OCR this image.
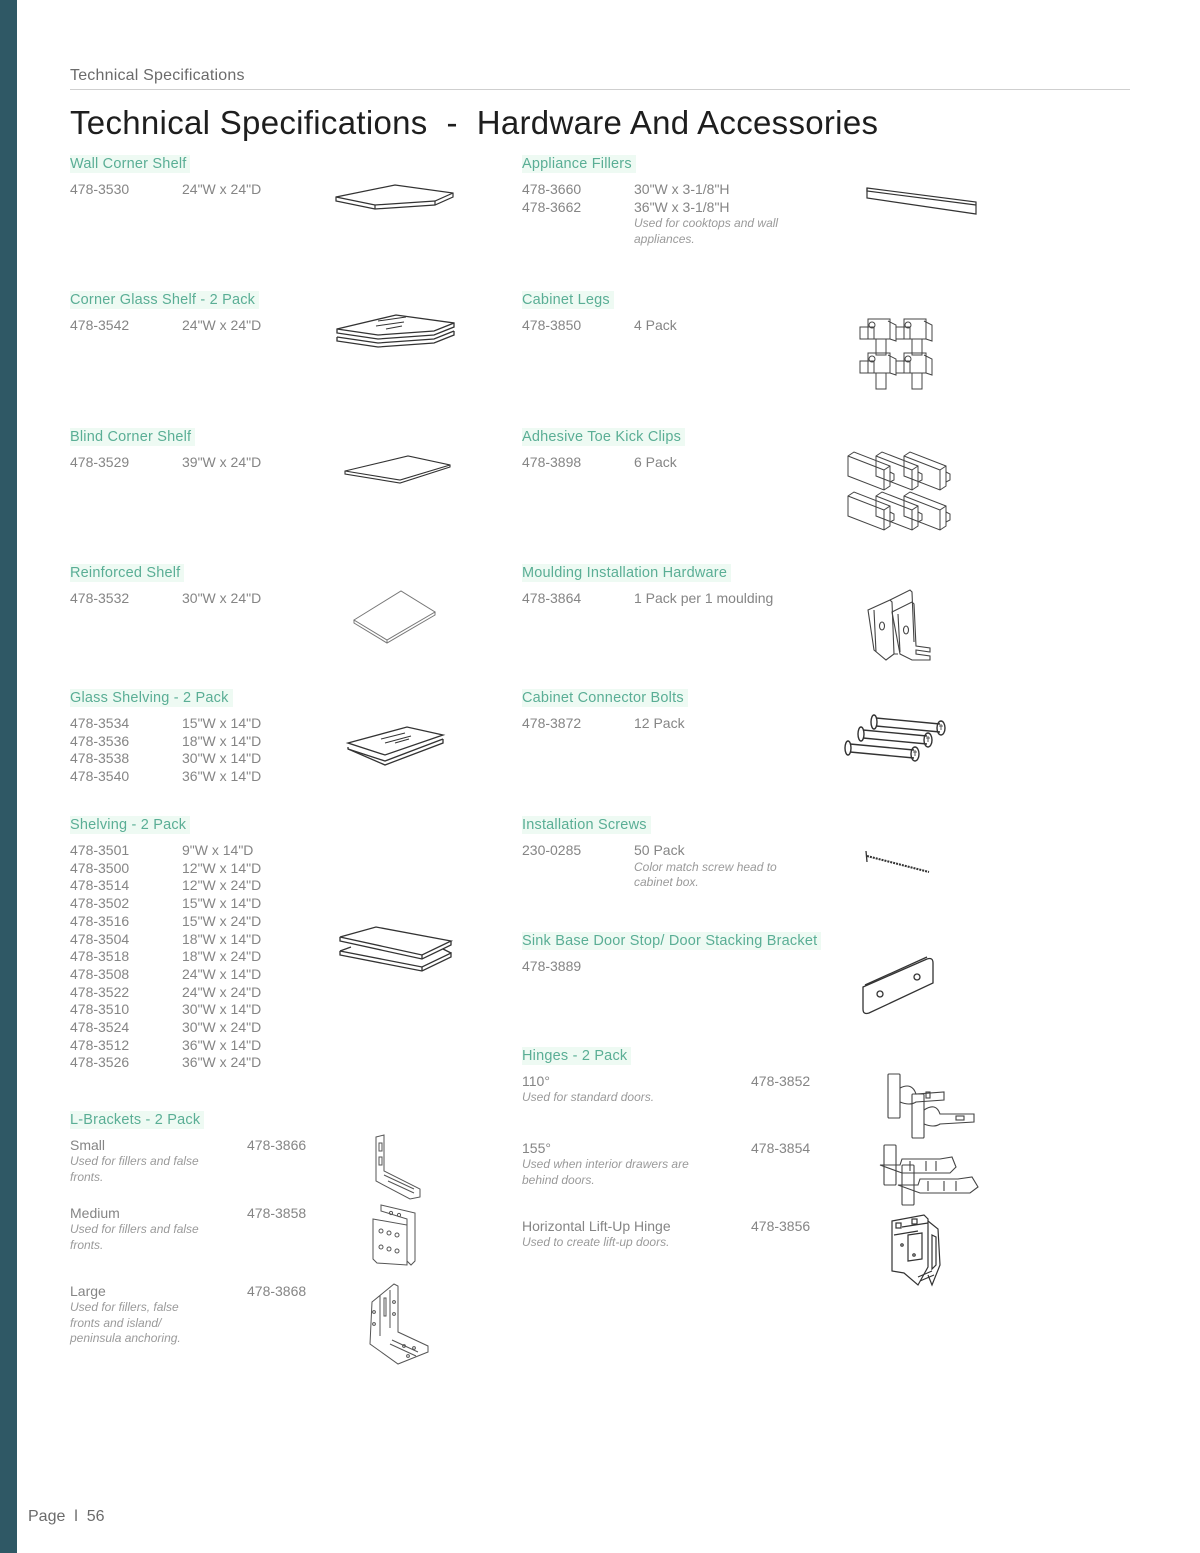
Technical Specifications
Technical Specifications  -  Hardware And Accessories
Wall Corner Shelf
478-3530	24"W x 24"D
Corner Glass Shelf - 2 Pack
478-3542	24"W x 24"D
Blind Corner Shelf
478-3529	39"W x 24"D
Reinforced Shelf
478-3532	30"W x 24"D
Glass Shelving - 2 Pack
478-3534	15"W x 14"D
478-3536	18"W x 14"D
478-3538	30"W x 14"D
478-3540	36"W x 14"D
Shelving - 2 Pack
478-3501	9"W x 14"D
478-3500	12"W x 14"D
478-3514	12"W x 24"D
478-3502	15"W x 14"D
478-3516	15"W x 24"D
478-3504	18"W x 14"D
478-3518	18"W x 24"D
478-3508	24"W x 14"D
478-3522	24"W x 24"D
478-3510	30"W x 14"D
478-3524	30"W x 24"D
478-3512	36"W x 14"D
478-3526	36"W x 24"D
L-Brackets - 2 Pack
Small
Used for fillers and false fronts.
478-3866
Medium
Used for fillers and false fronts.
478-3858
Large
Used for fillers, false fronts and island/ peninsula anchoring.
478-3868
Appliance Fillers
478-3660	30"W x 3-1/8"H
478-3662	36"W x 3-1/8"H
Used for cooktops and wall appliances.
Cabinet Legs
478-3850	4 Pack
Adhesive Toe Kick Clips
478-3898	6 Pack
Moulding Installation Hardware
478-3864	1 Pack per 1 moulding
Cabinet Connector Bolts
478-3872	12 Pack
Installation Screws
230-0285	50 Pack
Color match screw head to cabinet box.
Sink Base Door Stop/ Door Stacking Bracket
478-3889
Hinges - 2 Pack
110°
Used for standard doors.
478-3852
155°
Used when interior drawers are behind doors.
478-3854
Horizontal Lift-Up Hinge
Used to create lift-up doors.
478-3856
Page  l  56
